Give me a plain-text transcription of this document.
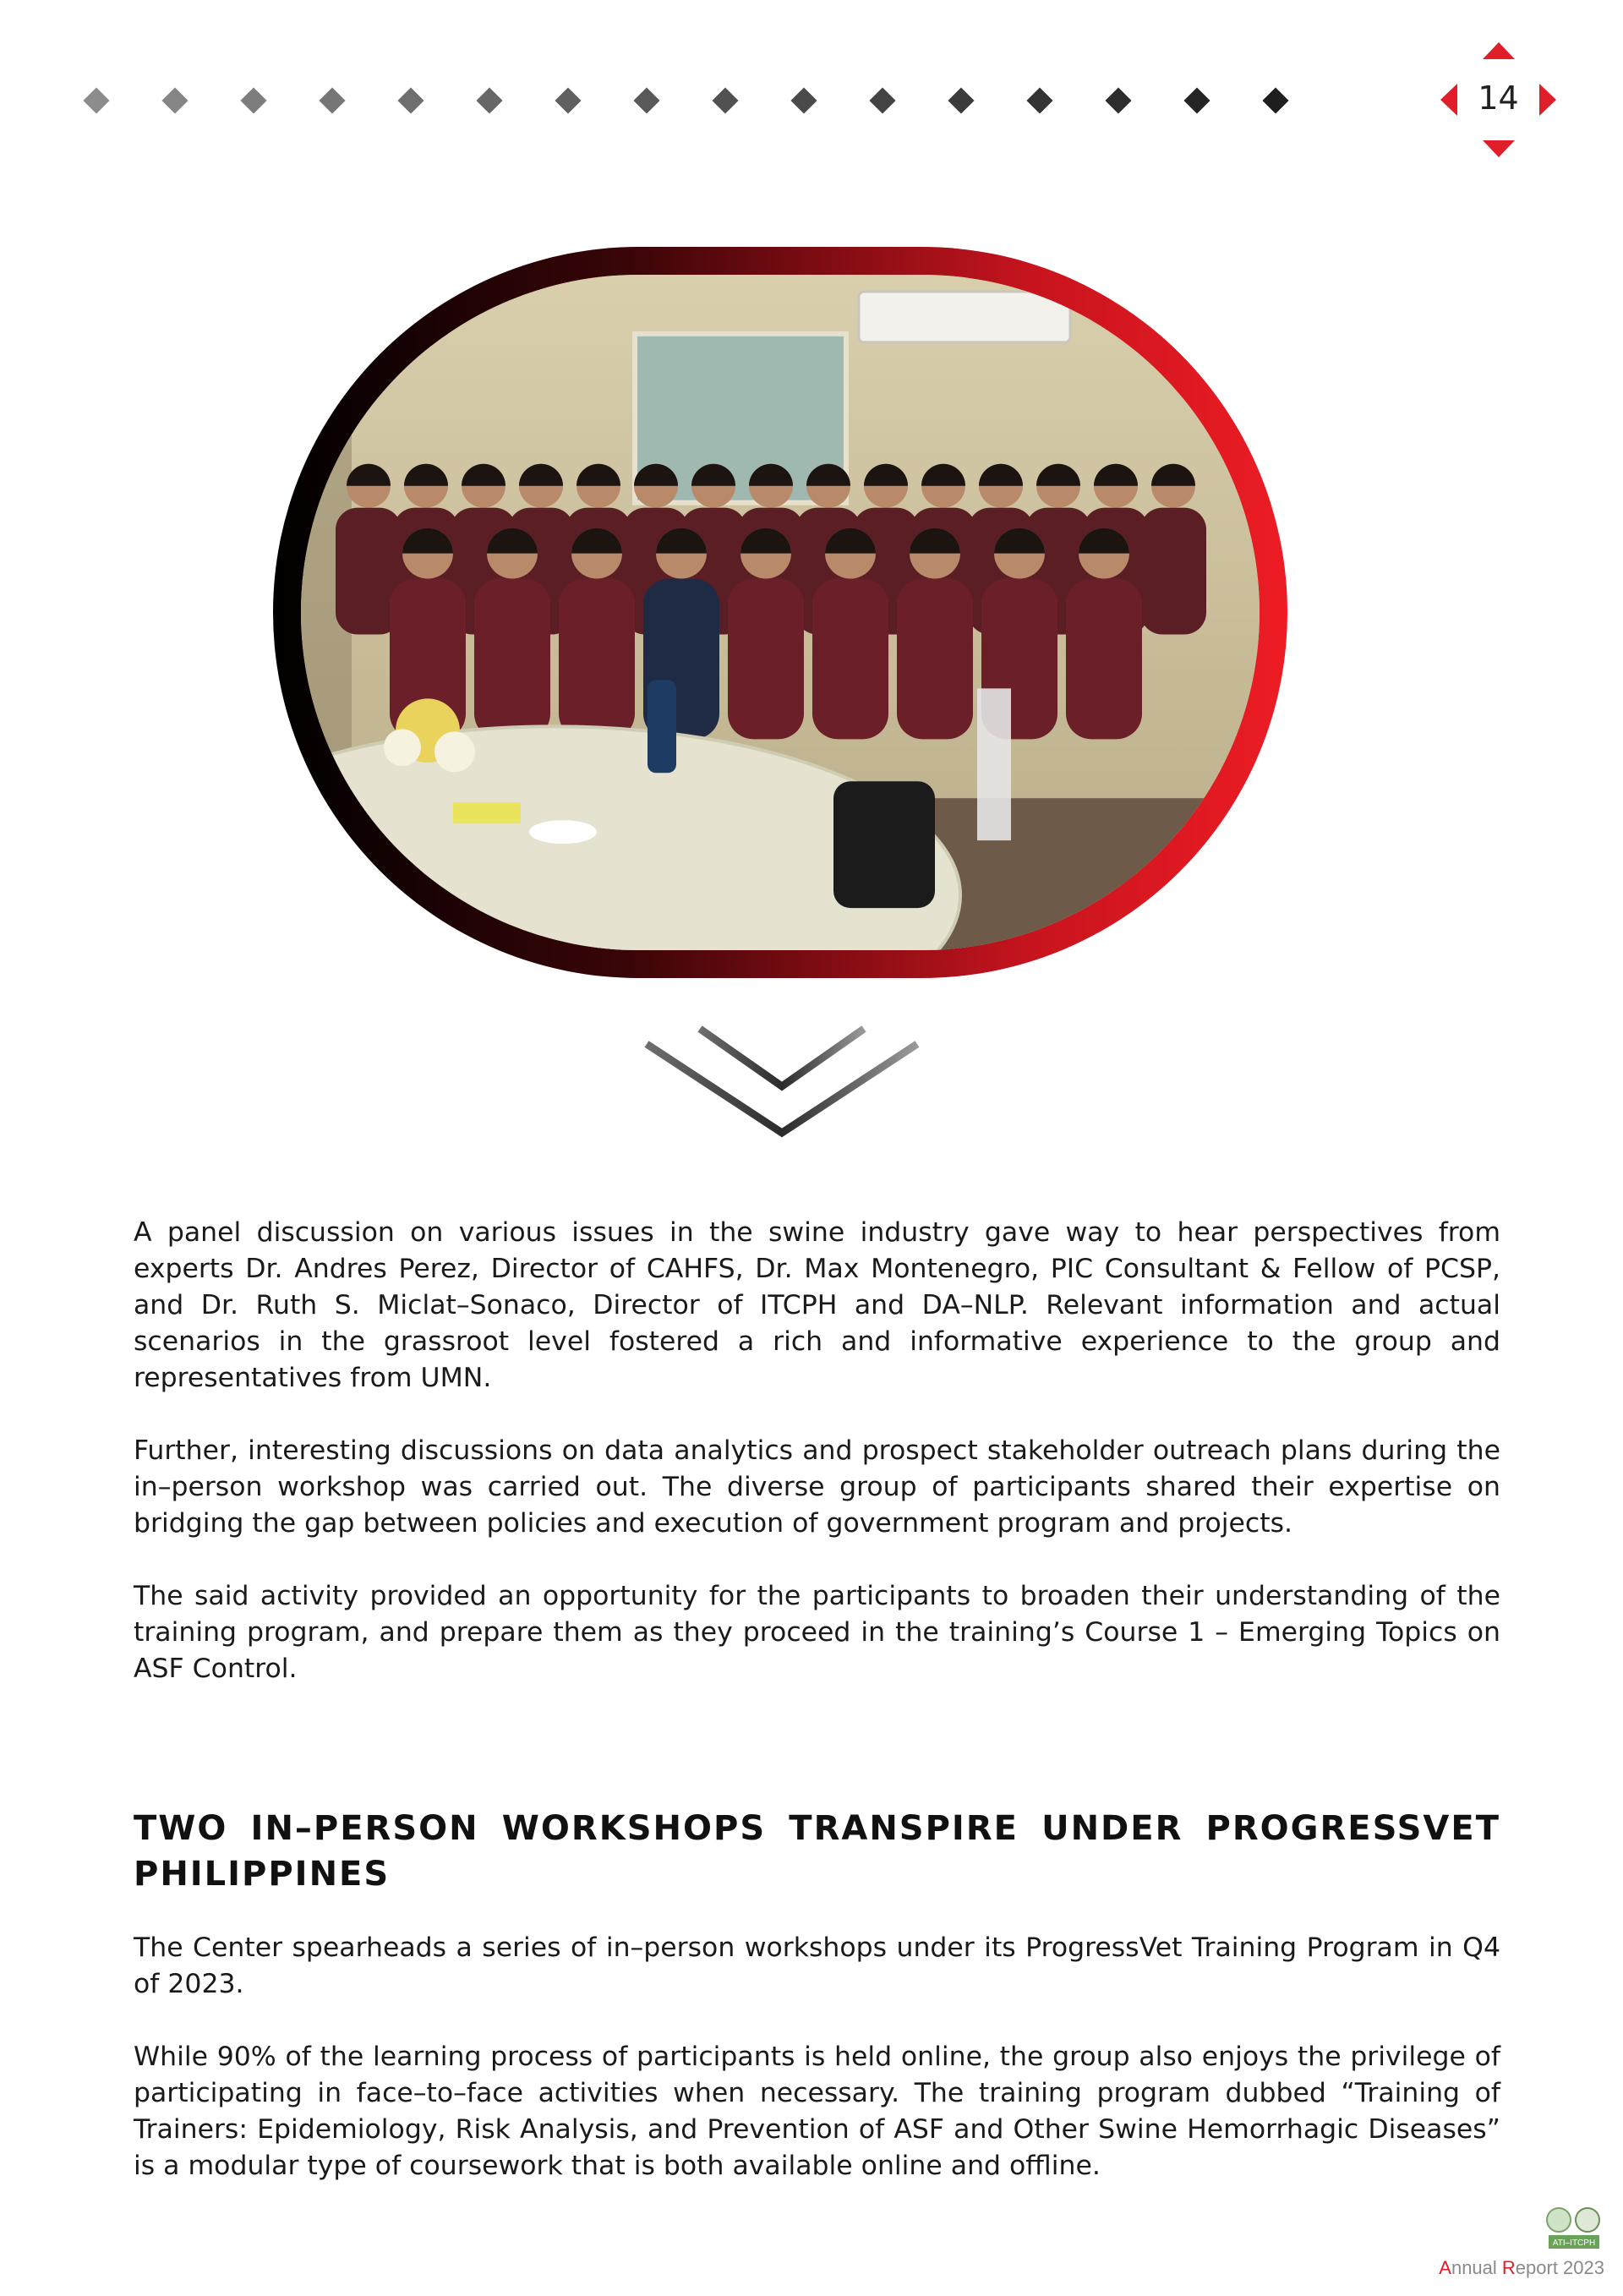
14

A panel discussion on various issues in the swine industry gave way to hear perspectives from experts Dr. Andres Perez, Director of CAHFS, Dr. Max Montenegro, PIC Consultant & Fellow of PCSP, and Dr. Ruth S. Miclat–Sonaco, Director of ITCPH and DA–NLP. Relevant information and actual scenarios in the grassroot level fostered a rich and informative experience to the group and representatives from UMN.

Further, interesting discussions on data analytics and prospect stakeholder outreach plans during the in–person workshop was carried out. The diverse group of participants shared their expertise on bridging the gap between policies and execution of government program and projects.

The said activity provided an opportunity for the participants to broaden their understanding of the training program, and prepare them as they proceed in the training’s Course 1 – Emerging Topics on ASF Control.

TWO IN–PERSON WORKSHOPS TRANSPIRE UNDER PROGRESSVET PHILIPPINES

The Center spearheads a series of in–person workshops under its ProgressVet Training Program in Q4 of 2023.

While 90% of the learning process of participants is held online, the group also enjoys the privilege of participating in face–to–face activities when necessary. The training program dubbed “Training of Trainers: Epidemiology, Risk Analysis, and Prevention of ASF and Other Swine Hemorrhagic Diseases” is a modular type of coursework that is both available online and offline.

ATI–ITCPH
Annual Report 2023
